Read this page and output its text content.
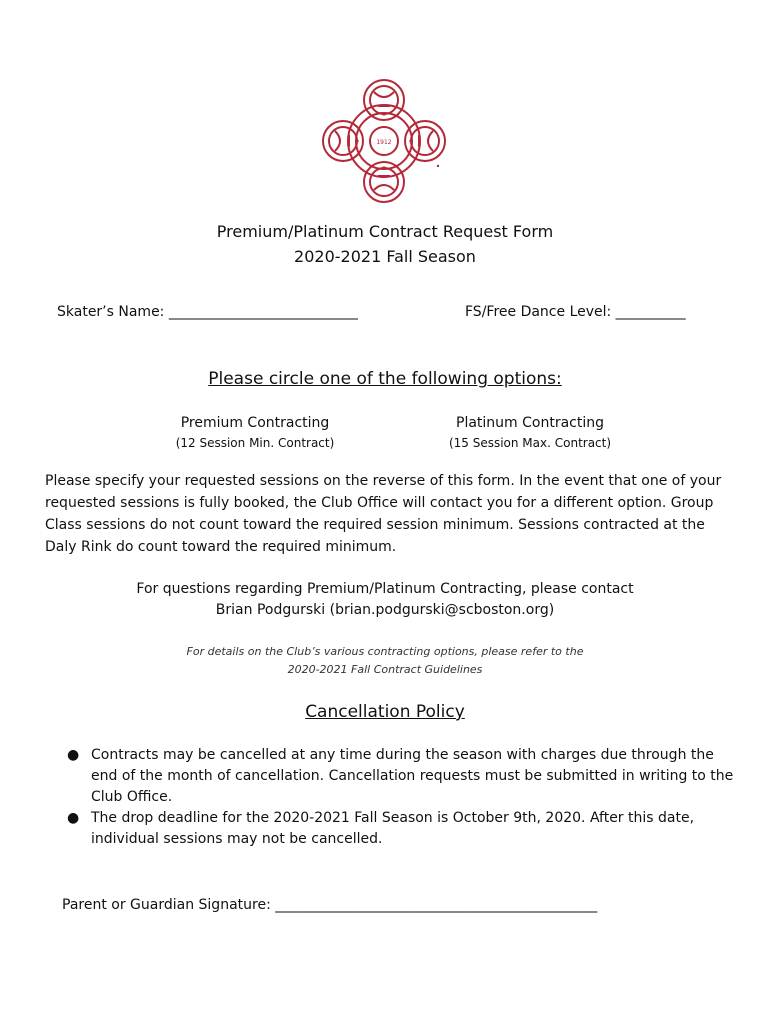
1912
Premium/Platinum Contract Request Form
2020-2021 Fall Season
Skater’s Name: ___________________________	FS/Free Dance Level: __________
Please circle one of the following options:
Premium Contracting
(12 Session Min. Contract)
Platinum Contracting
(15 Session Max. Contract)
Please specify your requested sessions on the reverse of this form. In the event that one of your requested sessions is fully booked, the Club Office will contact you for a different option. Group Class sessions do not count toward the required session minimum. Sessions contracted at the Daly Rink do count toward the required minimum.
For questions regarding Premium/Platinum Contracting, please contact
Brian Podgurski (brian.podgurski@scboston.org)
For details on the Club’s various contracting options, please refer to the
2020-2021 Fall Contract Guidelines
Cancellation Policy
● Contracts may be cancelled at any time during the season with charges due through the end of the month of cancellation. Cancellation requests must be submitted in writing to the Club Office.
● The drop deadline for the 2020-2021 Fall Season is October 9th, 2020. After this date, individual sessions may not be cancelled.
Parent or Guardian Signature: ______________________________________________
